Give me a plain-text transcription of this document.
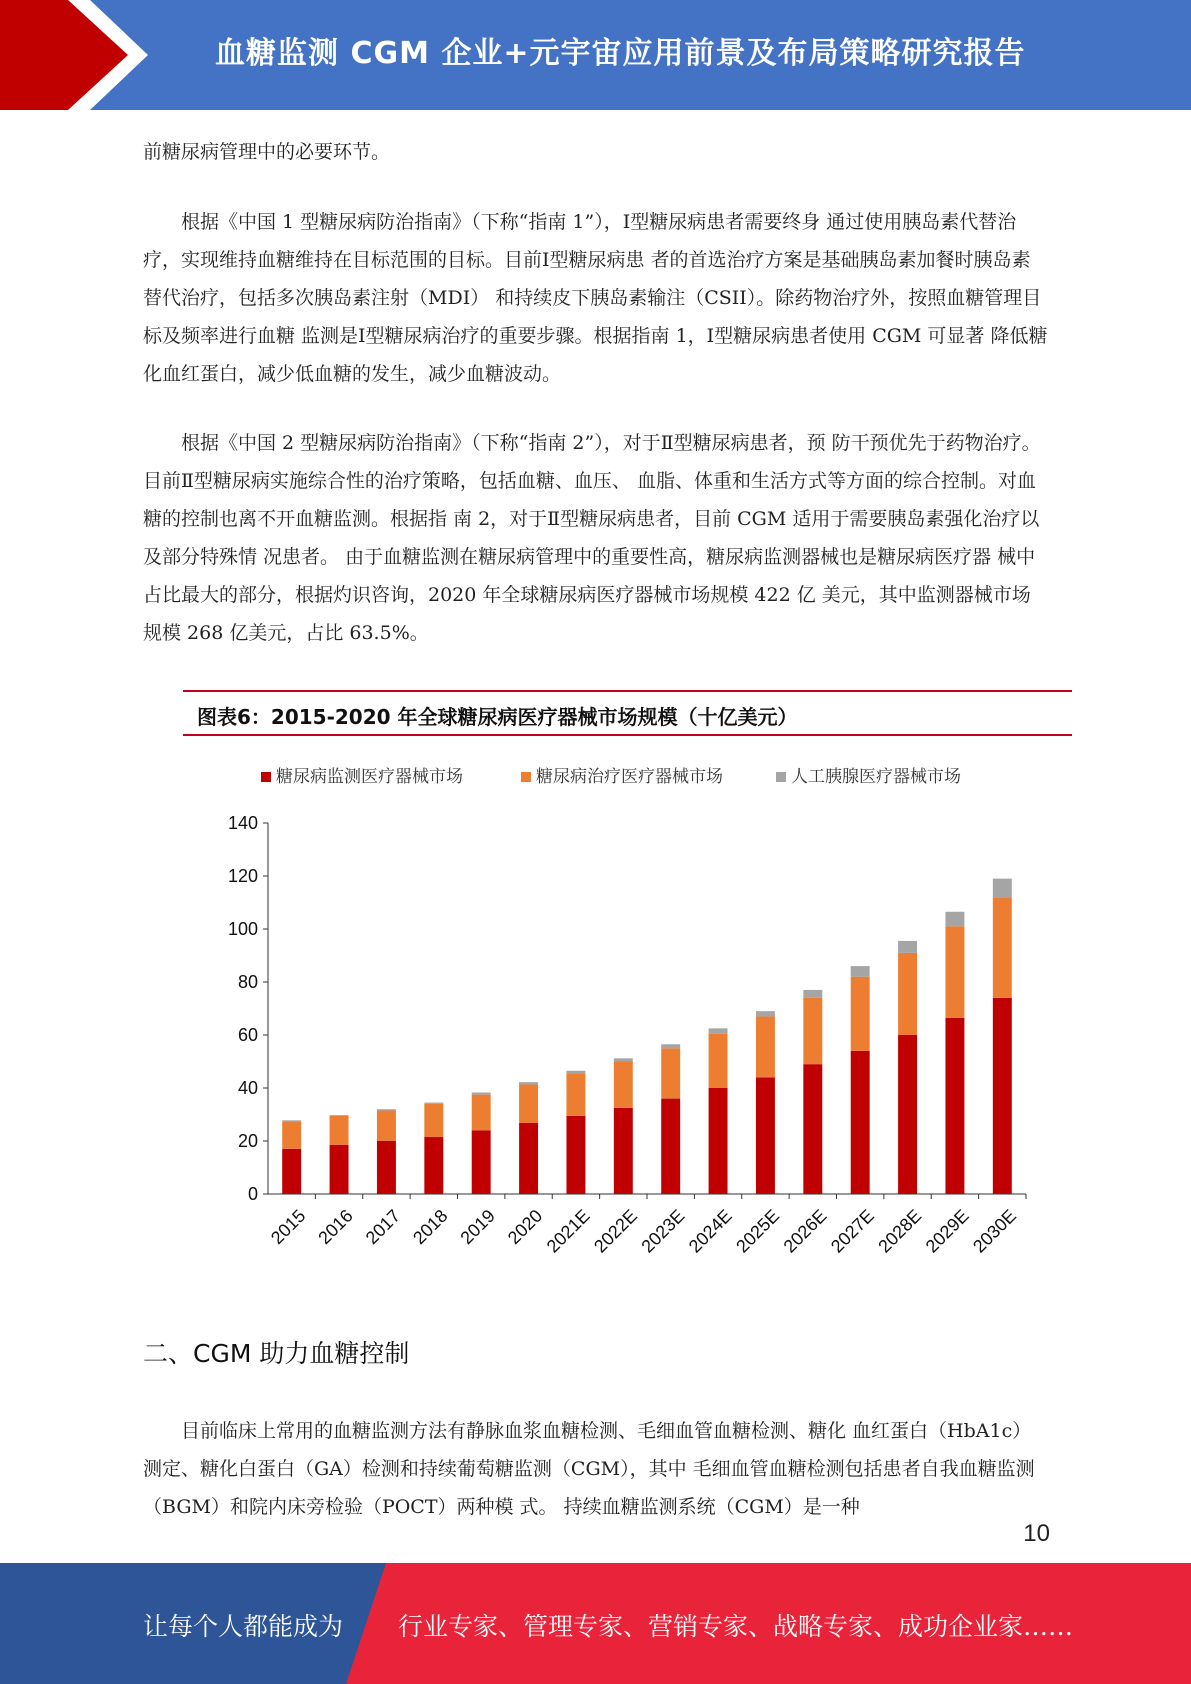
血糖监测 CGM 企业+元宇宙应用前景及布局策略研究报告

前糖尿病管理中的必要环节。

根据《中国 1 型糖尿病防治指南》（下称“指南 1”），Ⅰ型糖尿病患者需要终身 通过使用胰岛素代替治疗，实现维持血糖维持在目标范围的目标。目前Ⅰ型糖尿病患 者的首选治疗方案是基础胰岛素加餐时胰岛素替代治疗，包括多次胰岛素注射（MDI） 和持续皮下胰岛素输注（CSII）。除药物治疗外，按照血糖管理目标及频率进行血糖 监测是Ⅰ型糖尿病治疗的重要步骤。根据指南 1，Ⅰ型糖尿病患者使用 CGM 可显著 降低糖化血红蛋白，减少低血糖的发生，减少血糖波动。

根据《中国 2 型糖尿病防治指南》（下称“指南 2”），对于Ⅱ型糖尿病患者，预 防干预优先于药物治疗。目前Ⅱ型糖尿病实施综合性的治疗策略，包括血糖、血压、 血脂、体重和生活方式等方面的综合控制。对血糖的控制也离不开血糖监测。根据指 南 2，对于Ⅱ型糖尿病患者，目前 CGM 适用于需要胰岛素强化治疗以及部分特殊情 况患者。 由于血糖监测在糖尿病管理中的重要性高，糖尿病监测器械也是糖尿病医疗器 械中占比最大的部分，根据灼识咨询，2020 年全球糖尿病医疗器械市场规模 422 亿 美元，其中监测器械市场规模 268 亿美元，占比 63.5%。

图表6：2015-2020 年全球糖尿病医疗器械市场规模（十亿美元）

糖尿病监测医疗器械市场	糖尿病治疗医疗器械市场	人工胰腺医疗器械市场
0
20
40
60
80
100
120
140
2015 2016 2017 2018 2019 2020
2021E
2022E
2023E
2024E
2025E
2026E
2027E
2028E
2029E
2030E
二、CGM 助力血糖控制

目前临床上常用的血糖监测方法有静脉血浆血糖检测、毛细血管血糖检测、糖化 血红蛋白（HbA1c）测定、糖化白蛋白（GA）检测和持续葡萄糖监测（CGM），其中 毛细血管血糖检测包括患者自我血糖监测（BGM）和院内床旁检验（POCT）两种模 式。 持续血糖监测系统（CGM）是一种

10

让每个人都能成为 行业专家、管理专家、营销专家、战略专家、成功企业家……
